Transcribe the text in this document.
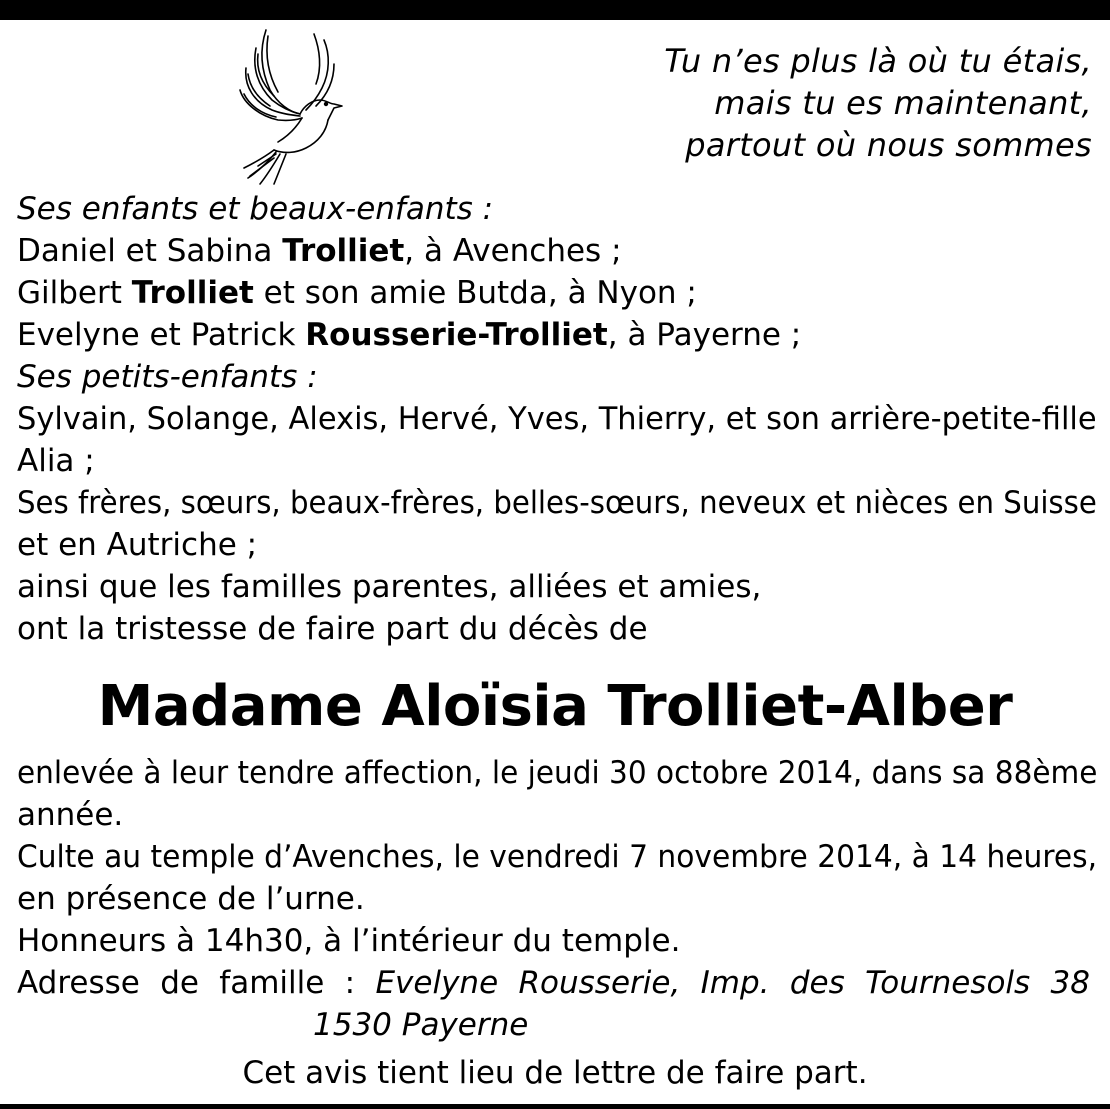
Tu n’es plus là où tu étais,
mais tu es maintenant,
partout où nous sommes
Ses enfants et beaux-enfants :
Daniel et Sabina Trolliet, à Avenches ;
Gilbert Trolliet et son amie Butda, à Nyon ;
Evelyne et Patrick Rousserie-Trolliet, à Payerne ;
Ses petits-enfants :
Sylvain, Solange, Alexis, Hervé, Yves, Thierry, et son arrière-petite-fille
Alia ;
Ses frères, sœurs, beaux-frères, belles-sœurs, neveux et nièces en Suisse
et en Autriche ;
ainsi que les familles parentes, alliées et amies,
ont la tristesse de faire part du décès de
Madame Aloïsia Trolliet-Alber
enlevée à leur tendre affection, le jeudi 30 octobre 2014, dans sa 88ème
année.
Culte au temple d’Avenches, le vendredi 7 novembre 2014, à 14 heures,
en présence de l’urne.
Honneurs à 14h30, à l’intérieur du temple.
Adresse de famille : Evelyne Rousserie, Imp. des Tournesols 38
1530 Payerne
Cet avis tient lieu de lettre de faire part.
